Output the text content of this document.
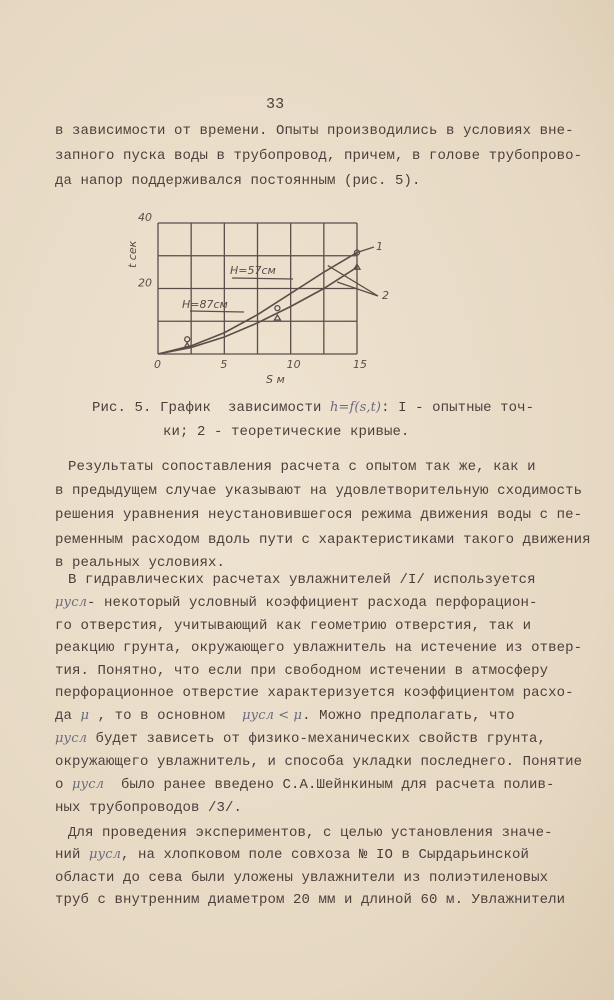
33
в зависимости от времени. Опыты производились в условиях вне-
запного пуска воды в трубопровод, причем, в голове трубопрово-
да напор поддерживался постоянным (рис. 5).
t сек
S м
H=87см
H=57см
1
2
0	5	10	15
20
40
Рис. 5. График  зависимости h=f(s,t): I - опытные точ-
ки; 2 - теоретические кривые.
Результаты сопоставления расчета с опытом так же, как и
в предыдущем случае указывают на удовлетворительную сходимость
решения уравнения неустановившегося режима движения воды с пе-
ременным расходом вдоль пути с характеристиками такого движения
в реальных условиях.
В гидравлических расчетах увлажнителей /I/ используется
μусл- некоторый условный коэффициент расхода перфорацион-
го отверстия, учитывающий как геометрию отверстия, так и
реакцию грунта, окружающего увлажнитель на истечение из отвер-
тия. Понятно, что если при свободном истечении в атмосферу
перфорационное отверстие характеризуется коэффициентом расхо-
да μ , то в основном  μусл < μ. Можно предполагать, что
μусл будет зависеть от физико-механических свойств грунта,
окружающего увлажнитель, и способа укладки последнего. Понятие
о μусл  было ранее введено С.А.Шейнкиным для расчета полив-
ных трубопроводов /3/.
Для проведения экспериментов, с целью установления значе-
ний μусл, на хлопковом поле совхоза № IO в Сырдарьинской
области до сева были уложены увлажнители из полиэтиленовых
труб с внутренним диаметром 20 мм и длиной 60 м. Увлажнители
